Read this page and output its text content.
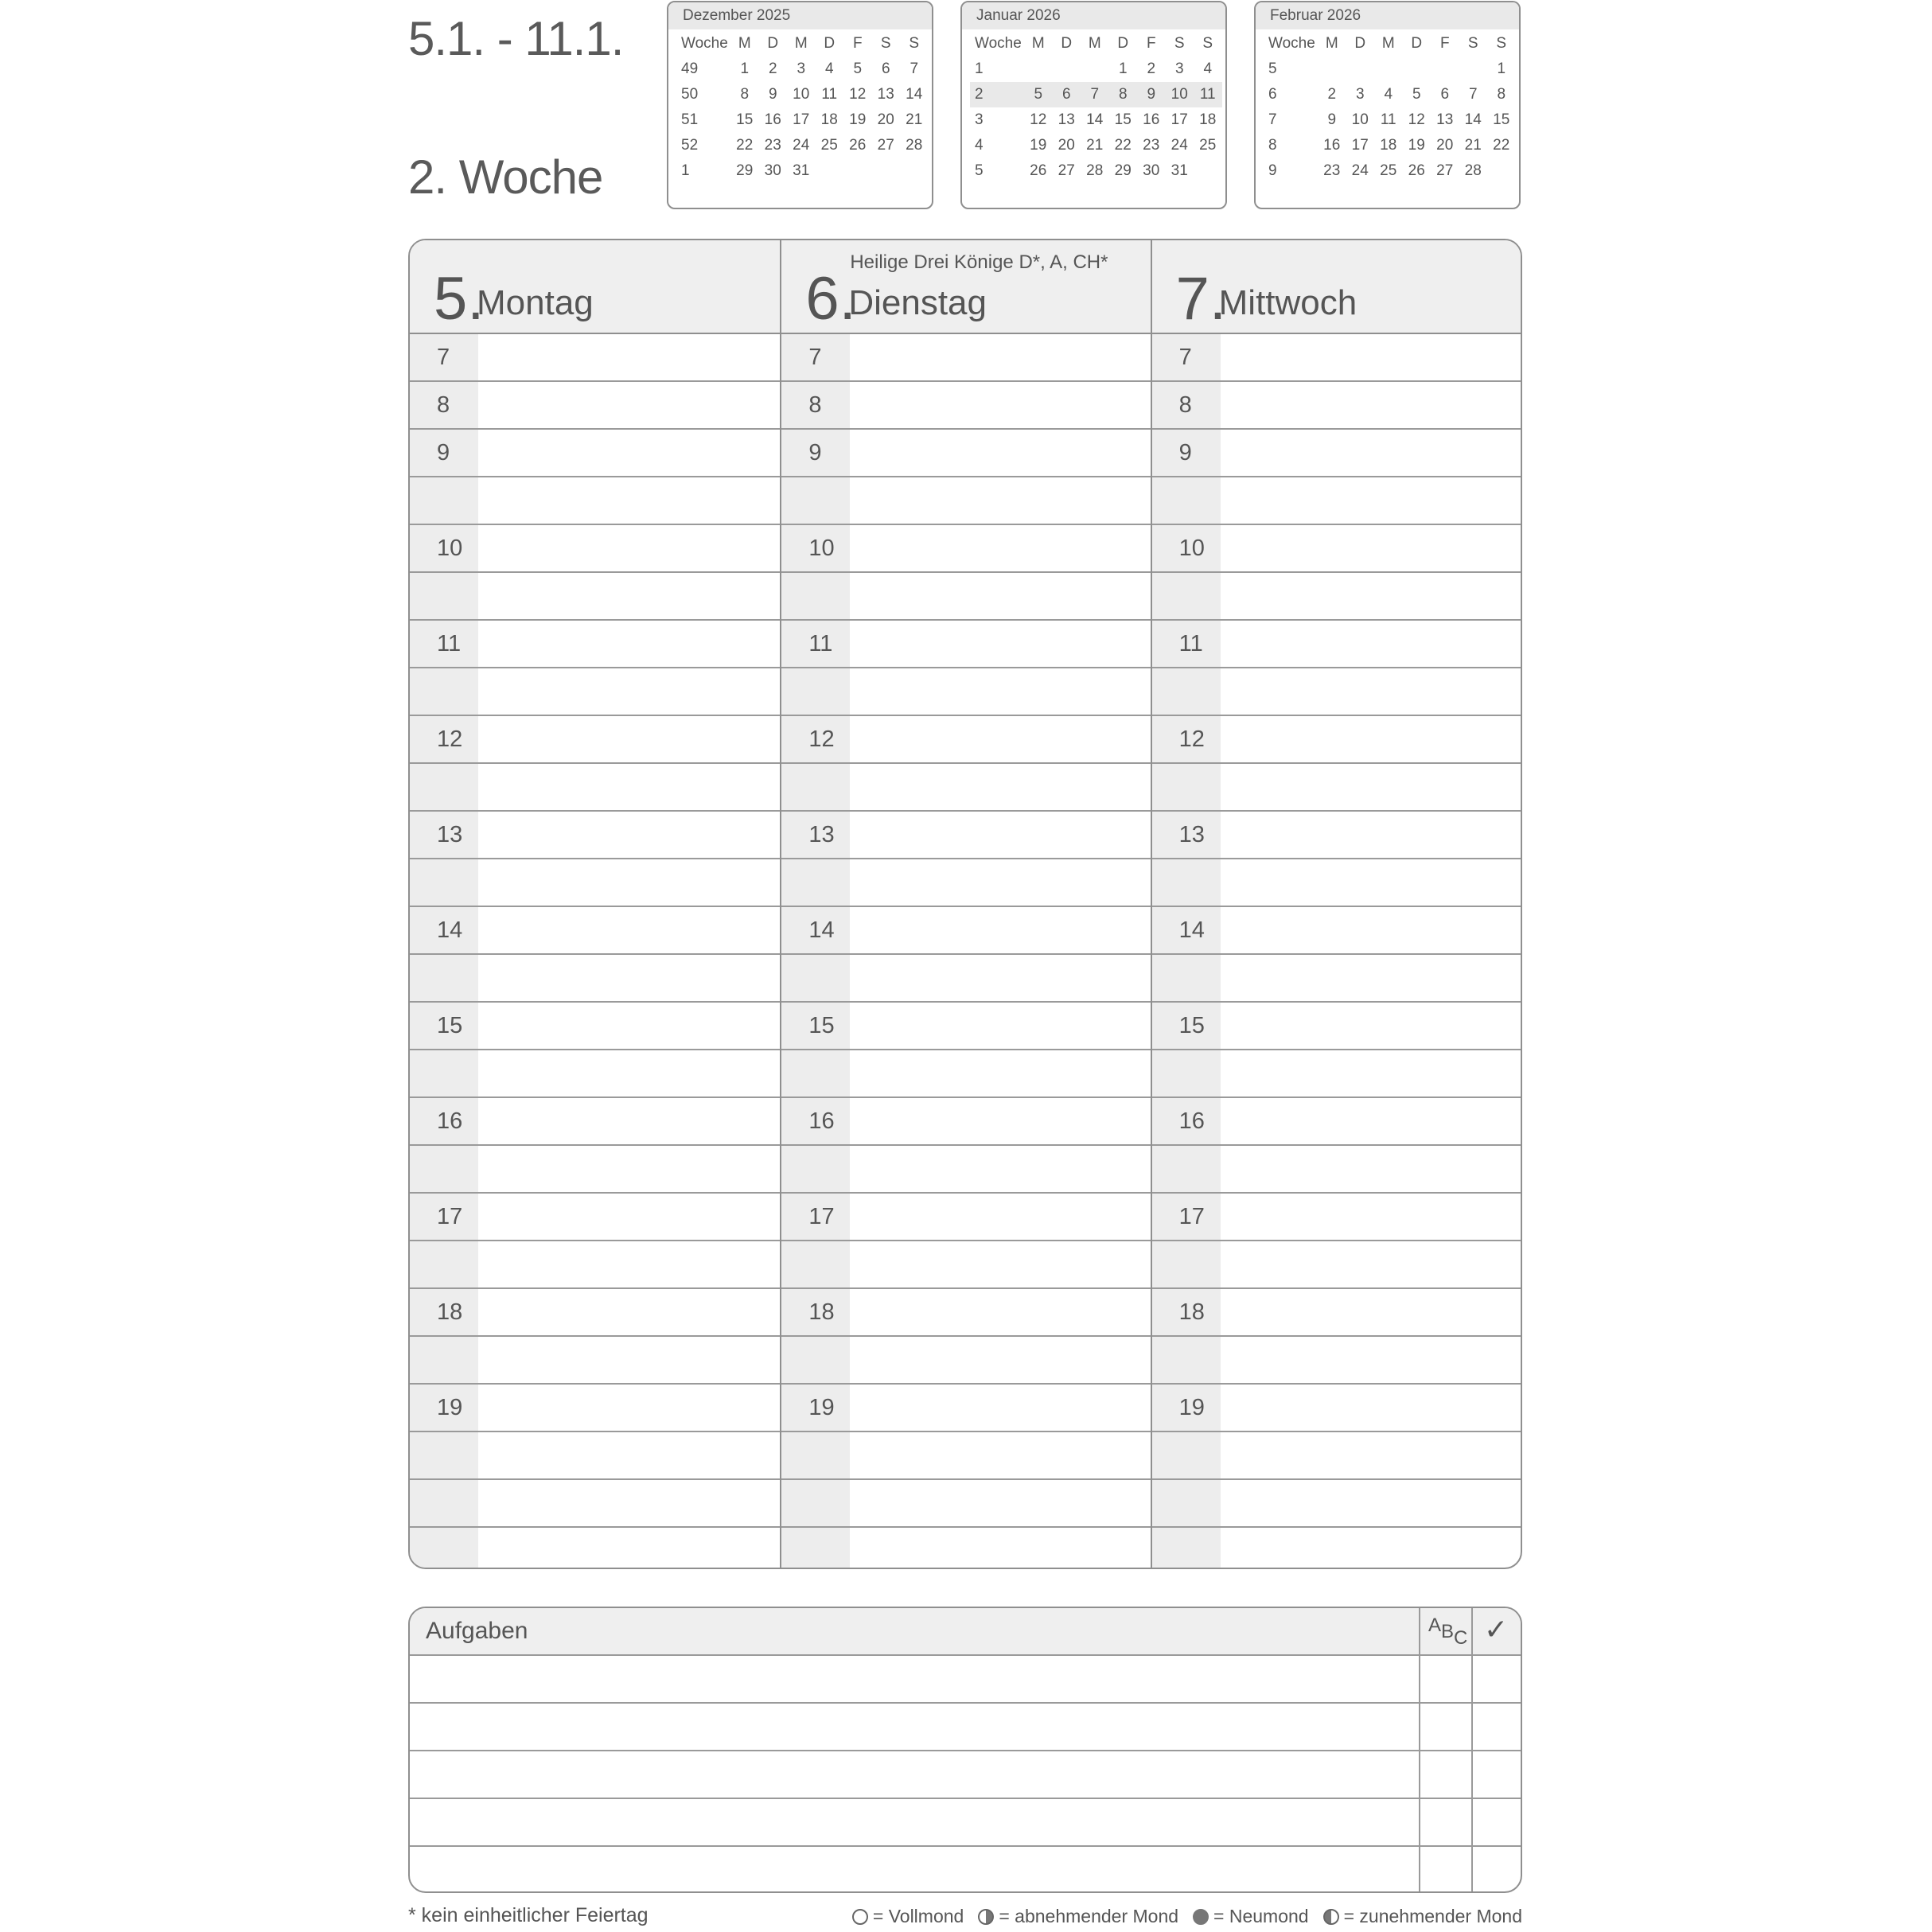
5.1. - 11.1.
2. Woche
Dezember 2025
Woche	M	D	M	D	F	S	S
49	1	2	3	4	5	6	7
50	8	9	10	11	12	13	14
51	15	16	17	18	19	20	21
52	22	23	24	25	26	27	28
1	29	30	31				
Januar 2026
Woche	M	D	M	D	F	S	S
1				1	2	3	4
2	5	6	7	8	9	10	11
3	12	13	14	15	16	17	18
4	19	20	21	22	23	24	25
5	26	27	28	29	30	31	
Februar 2026
Woche	M	D	M	D	F	S	S
5							1
6	2	3	4	5	6	7	8
7	9	10	11	12	13	14	15
8	16	17	18	19	20	21	22
9	23	24	25	26	27	28	
5.
Montag
7
8
9
10
11
12
13
14
15
16
17
18
19
Heilige Drei Könige D*, A, CH*
6.
Dienstag
7
8
9
10
11
12
13
14
15
16
17
18
19
7.
Mittwoch
7
8
9
10
11
12
13
14
15
16
17
18
19
Aufgaben	ABC ✓
* kein einheitlicher Feiertag	= Vollmond = abnehmender Mond = Neumond = zunehmender Mond
